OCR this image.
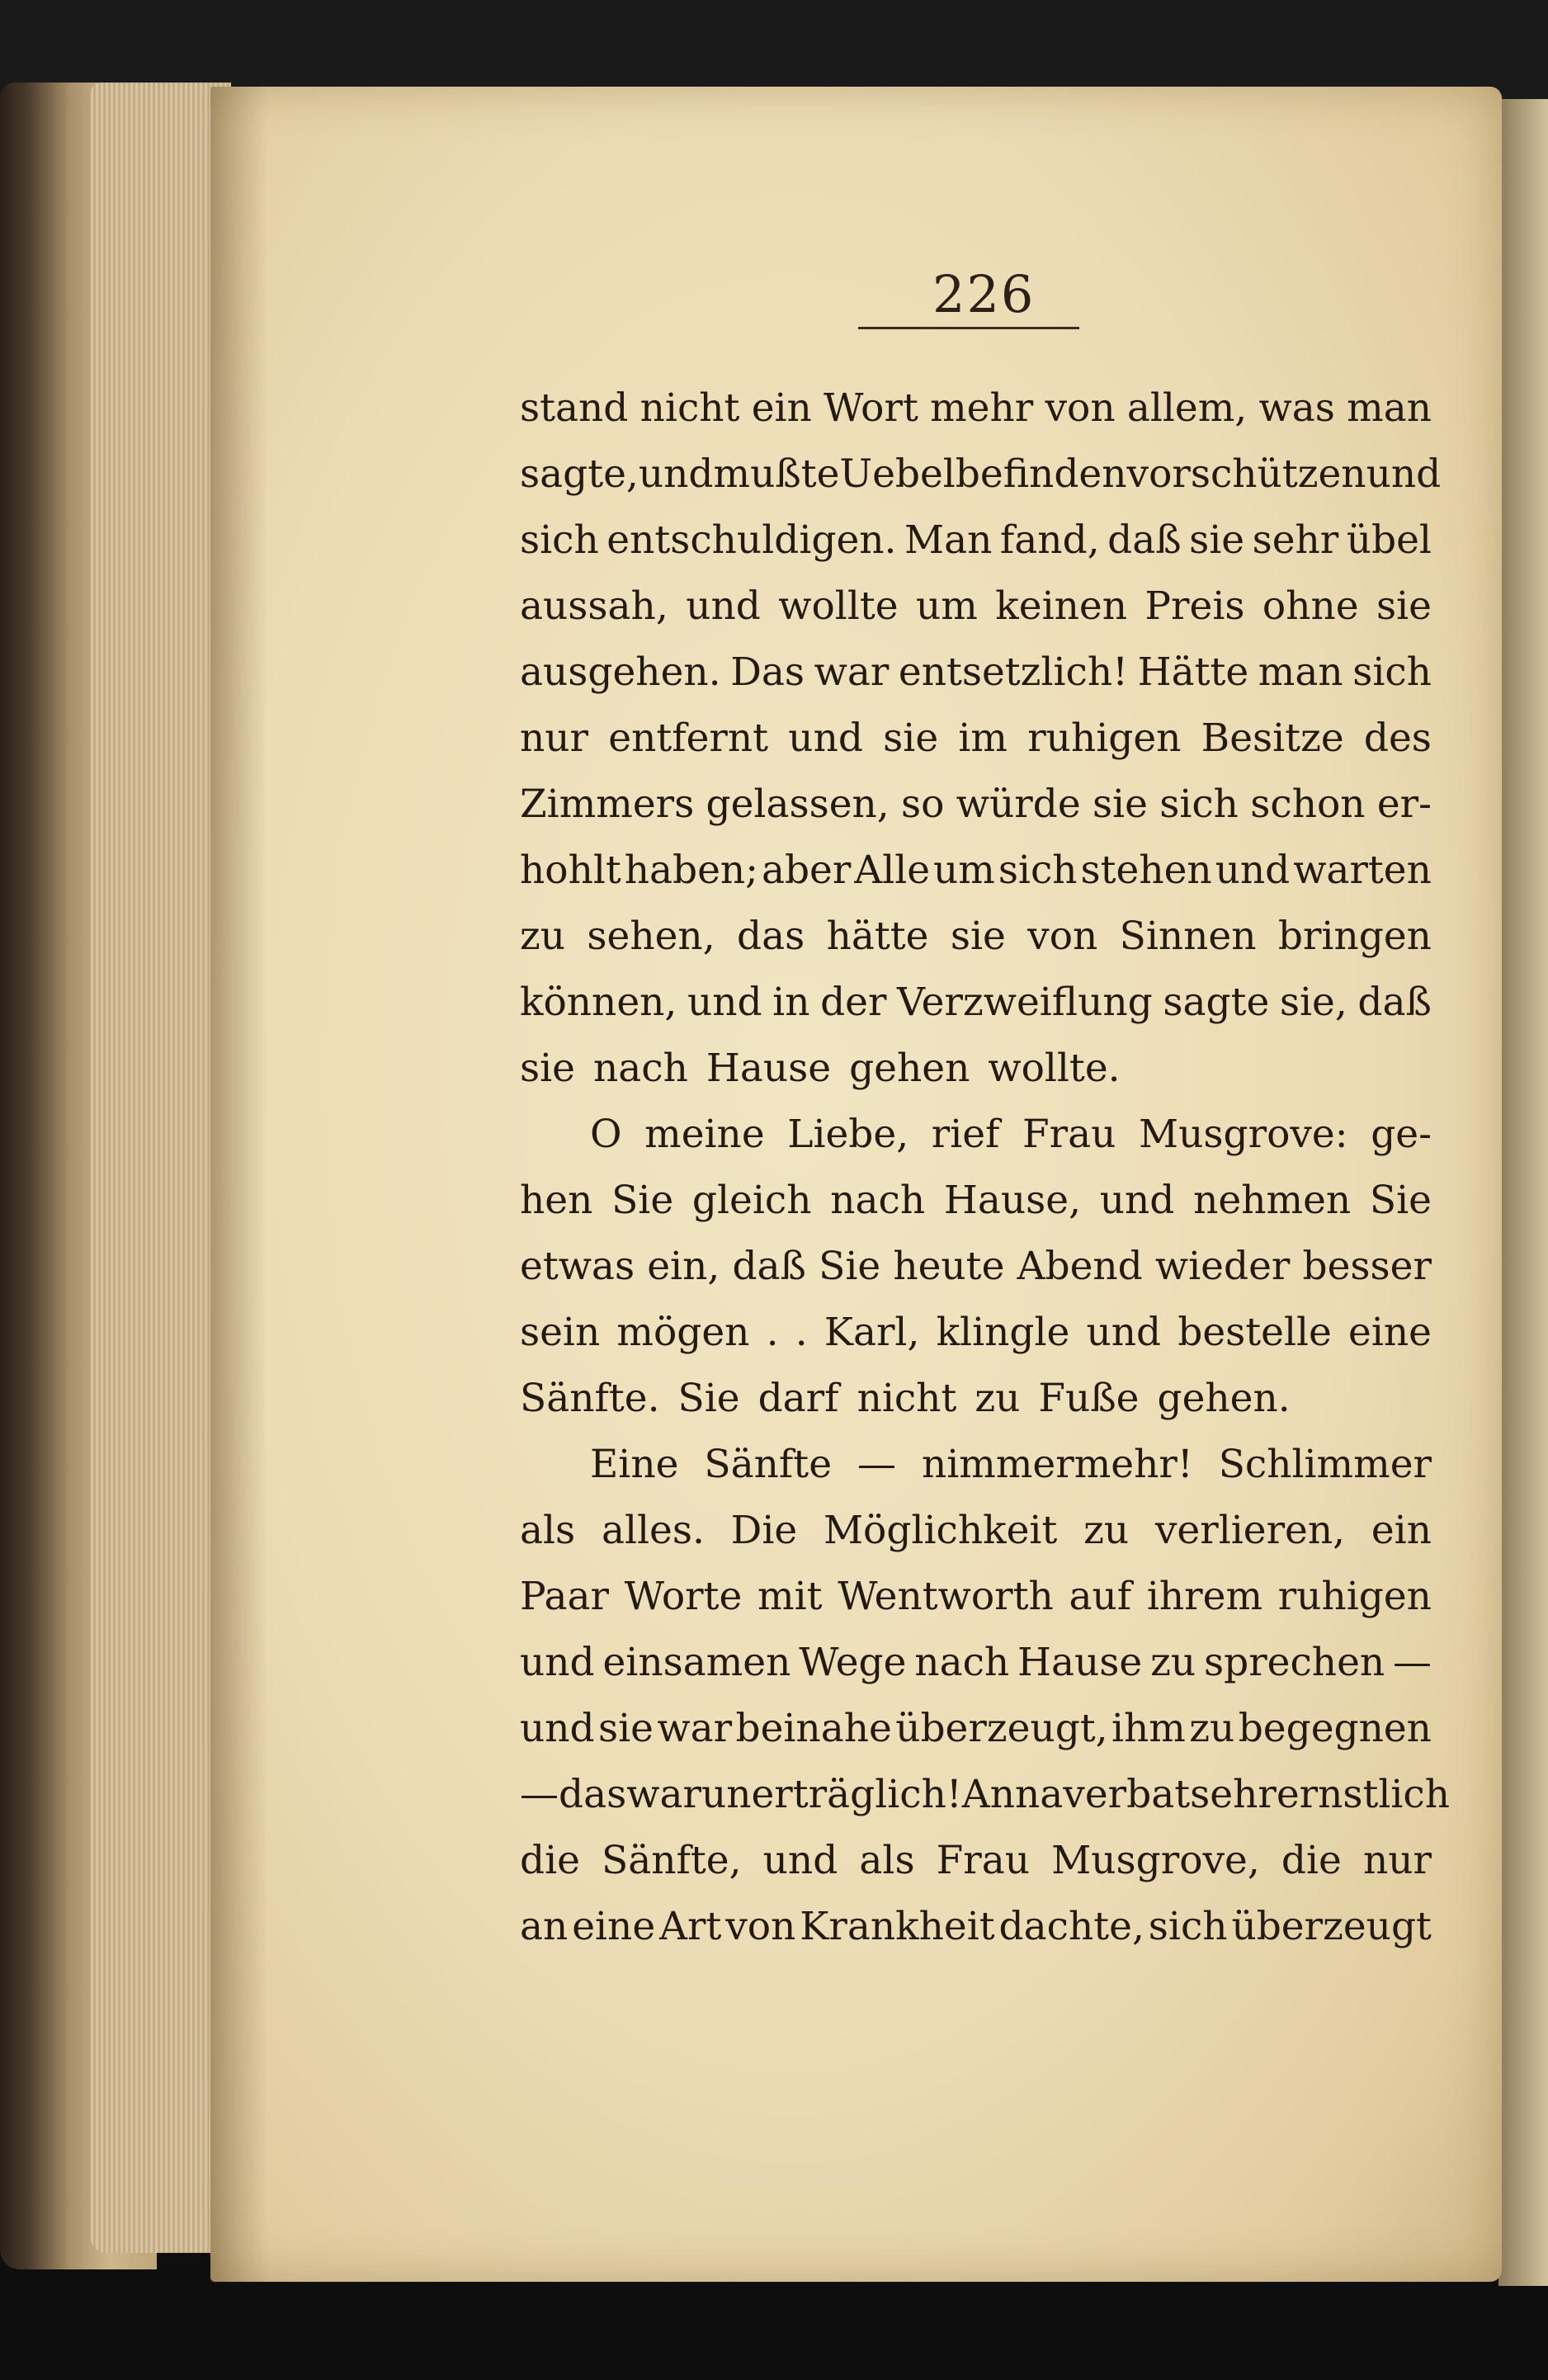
226
stand nicht ein Wort mehr von allem, was man
sagte, und mußte Uebelbefinden vorschützen und
sich entschuldigen. Man fand, daß sie sehr übel
aussah, und wollte um keinen Preis ohne sie
ausgehen. Das war entsetzlich! Hätte man sich
nur entfernt und sie im ruhigen Besitze des
Zimmers gelassen, so würde sie sich schon er-
hohlt haben; aber Alle um sich stehen und warten
zu sehen, das hätte sie von Sinnen bringen
können, und in der Verzweiflung sagte sie, daß
sie nach Hause gehen wollte.
O meine Liebe, rief Frau Musgrove: ge-
hen Sie gleich nach Hause, und nehmen Sie
etwas ein, daß Sie heute Abend wieder besser
sein mögen . . Karl, klingle und bestelle eine
Sänfte. Sie darf nicht zu Fuße gehen.
Eine Sänfte — nimmermehr! Schlimmer
als alles. Die Möglichkeit zu verlieren, ein
Paar Worte mit Wentworth auf ihrem ruhigen
und einsamen Wege nach Hause zu sprechen —
und sie war beinahe überzeugt, ihm zu begegnen
—das war unerträglich! Anna verbat sehr ernstlich
die Sänfte, und als Frau Musgrove, die nur
an eine Art von Krankheit dachte, sich überzeugt
